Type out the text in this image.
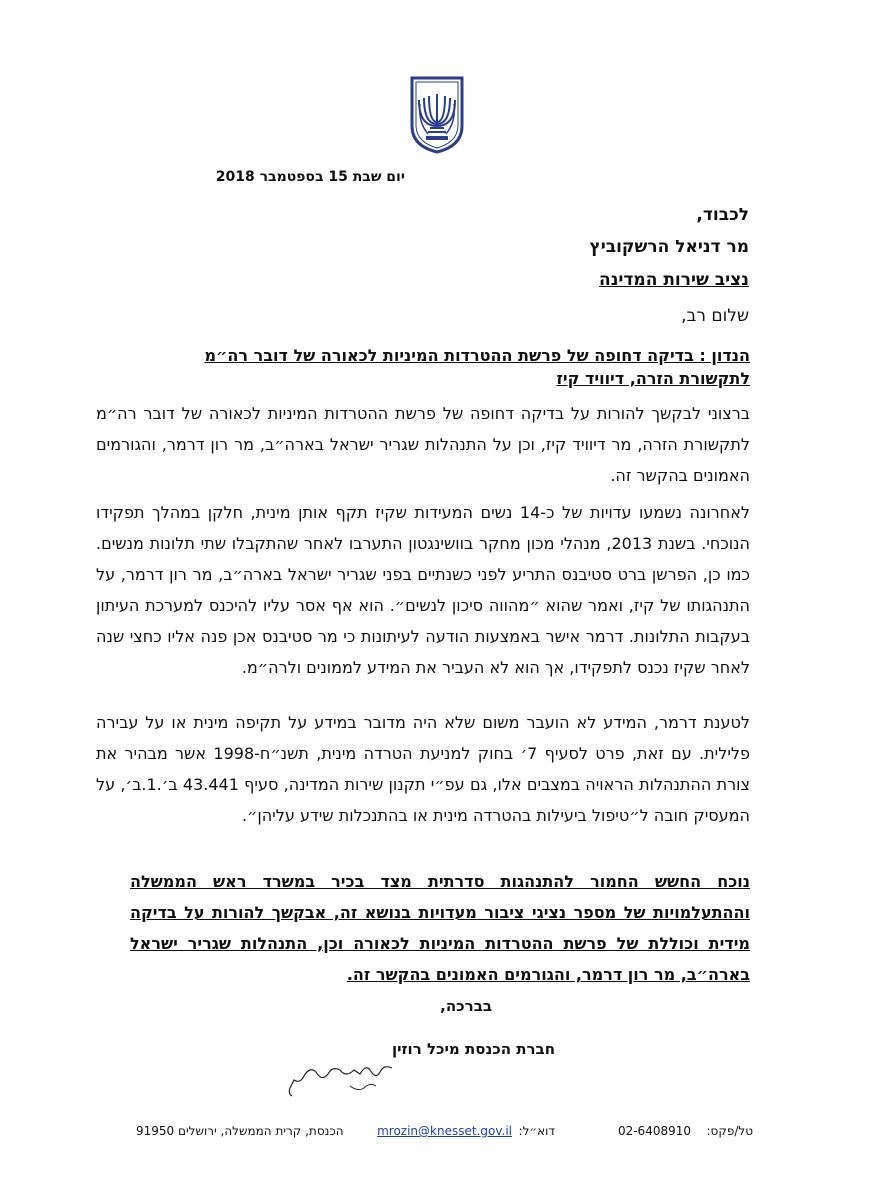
יום שבת 15 בספטמבר 2018
לכבוד,
מר דניאל הרשקוביץ
נציב שירות המדינה
שלום רב,
הנדון : בדיקה דחופה של פרשת ההטרדות המיניות לכאורה של דובר רה״מ לתקשורת הזרה, דיוויד קיז
ברצוני לבקשך להורות על בדיקה דחופה של פרשת ההטרדות המיניות לכאורה של דובר רה״מ לתקשורת הזרה, מר דיוויד קיז, וכן על התנהלות שגריר ישראל בארה״ב, מר רון דרמר, והגורמים האמונים בהקשר זה.
לאחרונה נשמעו עדויות של כ-14 נשים המעידות שקיז תקף אותן מינית, חלקן במהלך תפקידו הנוכחי. בשנת 2013, מנהלי מכון מחקר בוושינגטון התערבו לאחר שהתקבלו שתי תלונות מנשים. כמו כן, הפרשן ברט סטיבנס התריע לפני כשנתיים בפני שגריר ישראל בארה״ב, מר רון דרמר, על התנהגותו של קיז, ואמר שהוא ״מהווה סיכון לנשים״. הוא אף אסר עליו להיכנס למערכת העיתון בעקבות התלונות. דרמר אישר באמצעות הודעה לעיתונות כי מר סטיבנס אכן פנה אליו כחצי שנה לאחר שקיז נכנס לתפקידו, אך הוא לא העביר את המידע לממונים ולרה״מ.
לטענת דרמר, המידע לא הועבר משום שלא היה מדובר במידע על תקיפה מינית או על עבירה פלילית. עם זאת, פרט לסעיף 7׳ בחוק למניעת הטרדה מינית, תשנ״ח-1998 אשר מבהיר את צורת ההתנהלות הראויה במצבים אלו, גם עפ״י תקנון שירות המדינה, סעיף 43.441 ב׳.1.ב׳, על המעסיק חובה ל״טיפול ביעילות בהטרדה מינית או בהתנכלות שידע עליהן״.
נוכח החשש החמור להתנהגות סדרתית מצד בכיר במשרד ראש הממשלה וההתעלמויות של מספר נציגי ציבור מעדויות בנושא זה, אבקשך להורות על בדיקה מידית וכוללת של פרשת ההטרדות המיניות לכאורה וכן, התנהלות שגריר ישראל בארה״ב, מר רון דרמר, והגורמים האמונים בהקשר זה.
בברכה,
חברת הכנסת מיכל רוזין
טל/פקס:
02-6408910
דוא״ל:
mrozin@knesset.gov.il
הכנסת, קרית הממשלה, ירושלים 91950
